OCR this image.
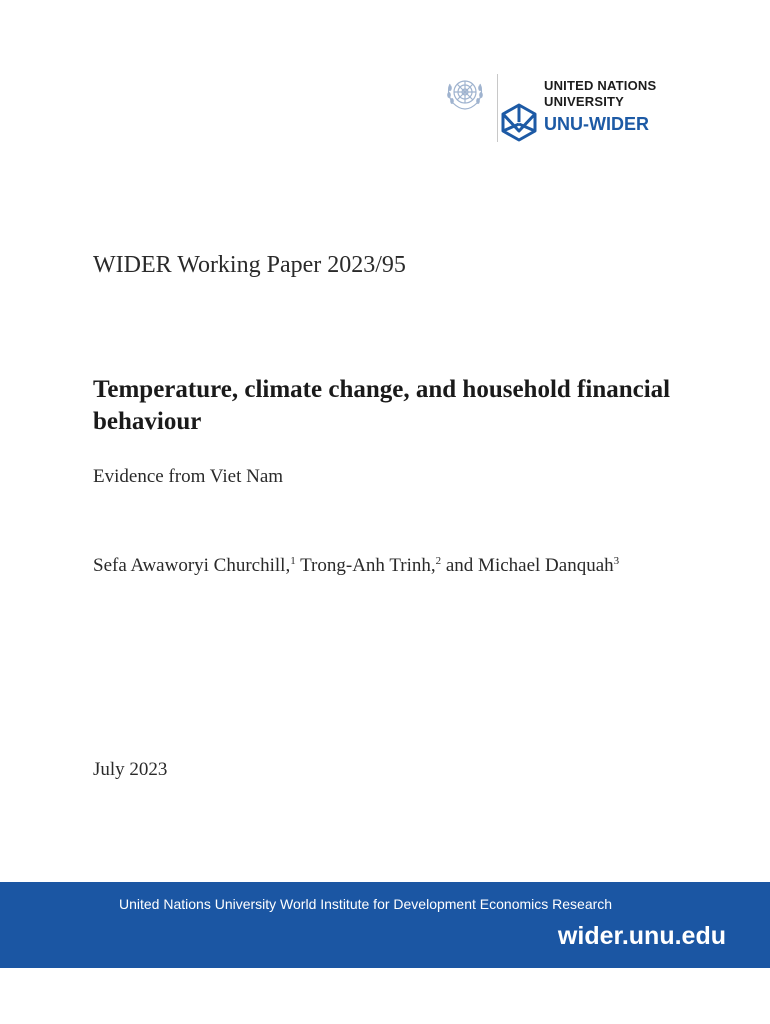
UNITED NATIONS
UNIVERSITY
UNU-WIDER
WIDER Working Paper 2023/95
Temperature, climate change, and household financial behaviour
Evidence from Viet Nam
Sefa Awaworyi Churchill,$^1$ Trong-Anh Trinh,$^2$ and Michael Danquah$^3$
July 2023
United Nations University World Institute for Development Economics Research
wider.unu.edu
